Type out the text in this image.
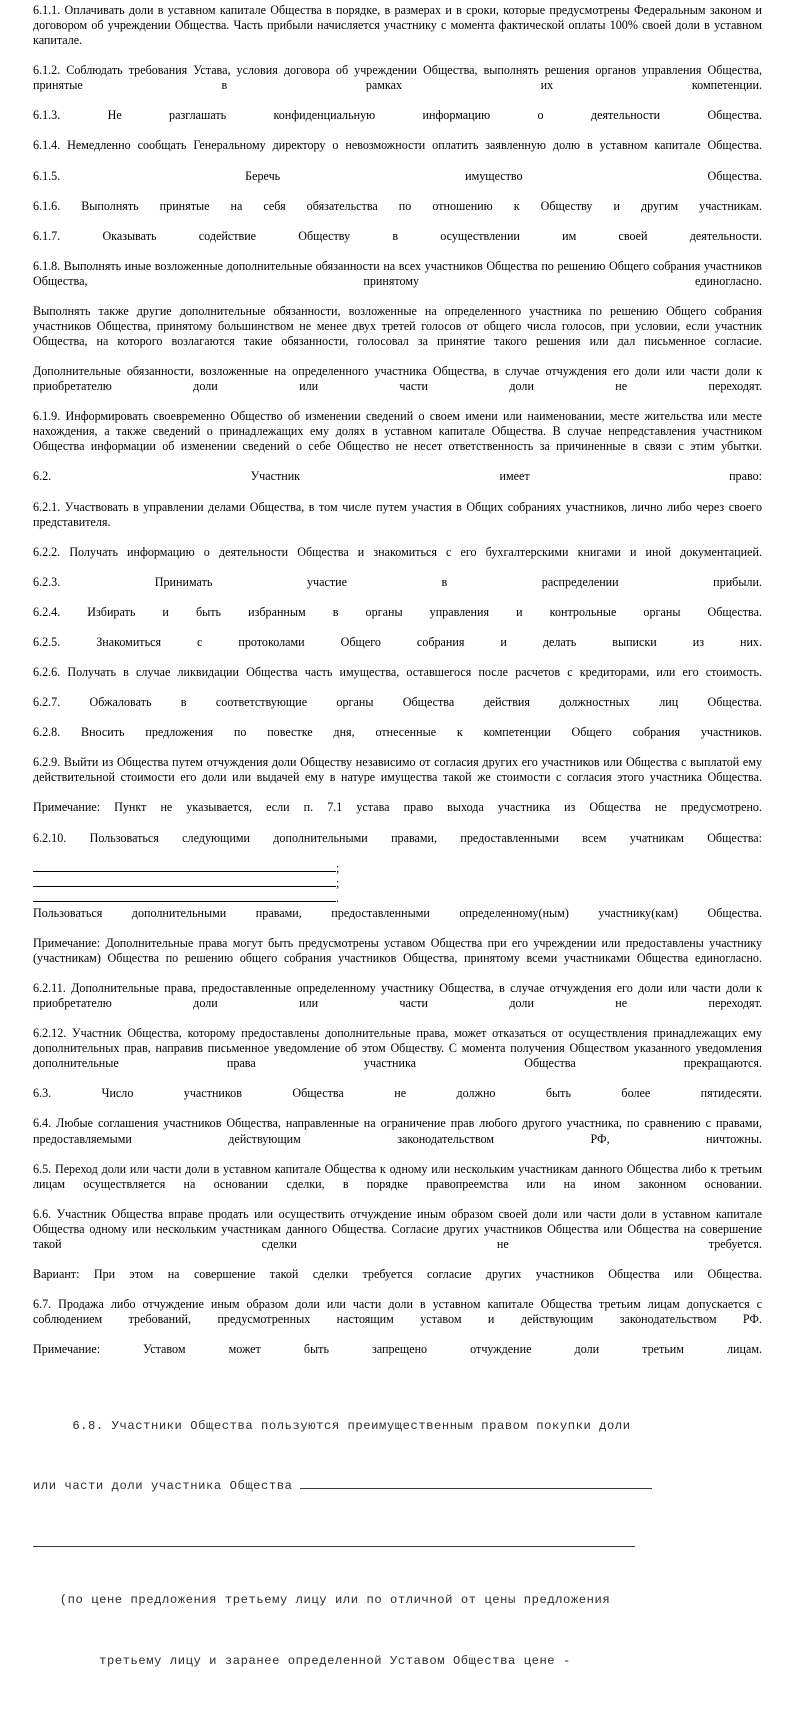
6.1.1. Оплачивать доли в уставном капитале Общества в порядке, в размерах и в сроки, которые предусмотрены Федеральным законом и договором об учреждении Общества. Часть прибыли начисляется участнику с момента фактической оплаты 100% своей доли в уставном капитале.

6.1.2. Соблюдать требования Устава, условия договора об учреждении Общества, выполнять решения органов управления Общества, принятые в рамках их компетенции.

6.1.3. Не разглашать конфиденциальную информацию о деятельности Общества.

6.1.4. Немедленно сообщать Генеральному директору о невозможности оплатить заявленную долю в уставном капитале Общества.

6.1.5. Беречь имущество Общества.

6.1.6. Выполнять принятые на себя обязательства по отношению к Обществу и другим участникам.

6.1.7. Оказывать содействие Обществу в осуществлении им своей деятельности.

6.1.8. Выполнять иные возложенные дополнительные обязанности на всех участников Общества по решению Общего собрания участников Общества, принятому единогласно.

Выполнять также другие дополнительные обязанности, возложенные на определенного участника по решению Общего собрания участников Общества, принятому большинством не менее двух третей голосов от общего числа голосов, при условии, если участник Общества, на которого возлагаются такие обязанности, голосовал за принятие такого решения или дал письменное согласие.

Дополнительные обязанности, возложенные на определенного участника Общества, в случае отчуждения его доли или части доли к приобретателю доли или части доли не переходят.

6.1.9. Информировать своевременно Общество об изменении сведений о своем имени или наименовании, месте жительства или месте нахождения, а также сведений о принадлежащих ему долях в уставном капитале Общества. В случае непредставления участником Общества информации об изменении сведений о себе Общество не несет ответственность за причиненные в связи с этим убытки.

6.2. Участник имеет право:

6.2.1. Участвовать в управлении делами Общества, в том числе путем участия в Общих собраниях участников, лично либо через своего представителя.

6.2.2. Получать информацию о деятельности Общества и знакомиться с его бухгалтерскими книгами и иной документацией.

6.2.3. Принимать участие в распределении прибыли.

6.2.4. Избирать и быть избранным в органы управления и контрольные органы Общества.

6.2.5. Знакомиться с протоколами Общего собрания и делать выписки из них.

6.2.6. Получать в случае ликвидации Общества часть имущества, оставшегося после расчетов с кредиторами, или его стоимость.

6.2.7. Обжаловать в соответствующие органы Общества действия должностных лиц Общества.

6.2.8. Вносить предложения по повестке дня, отнесенные к компетенции Общего собрания участников.

6.2.9. Выйти из Общества путем отчуждения доли Обществу независимо от согласия других его участников или Общества с выплатой ему действительной стоимости его доли или выдачей ему в натуре имущества такой же стоимости с согласия этого участника Общества.

Примечание: Пункт не указывается, если п. 7.1 устава право выхода участника из Общества не предусмотрено.

6.2.10. Пользоваться следующими дополнительными правами, предоставленными всем учатникам Общества:

;
;
.

Пользоваться дополнительными правами, предоставленными определенному(ным) участнику(кам) Общества.

Примечание: Дополнительные права могут быть предусмотрены уставом Общества при его учреждении или предоставлены участнику (участникам) Общества по решению общего собрания участников Общества, принятому всеми участниками Общества единогласно.

6.2.11. Дополнительные права, предоставленные определенному участнику Общества, в случае отчуждения его доли или части доли к приобретателю доли или части доли не переходят.

6.2.12. Участник Общества, которому предоставлены дополнительные права, может отказаться от осуществления принадлежащих ему дополнительных прав, направив письменное уведомление об этом Обществу. С момента получения Обществом указанного уведомления дополнительные права участника Общества прекращаются.

6.3. Число участников Общества не должно быть более пятидесяти.

6.4. Любые соглашения участников Общества, направленные на ограничение прав любого другого участника, по сравнению с правами, предоставляемыми действующим законодательством РФ, ничтожны.

6.5. Переход доли или части доли в уставном капитале Общества к одному или нескольким участникам данного Общества либо к третьим лицам осуществляется на основании сделки, в порядке правопреемства или на ином законном основании.

6.6. Участник Общества вправе продать или осуществить отчуждение иным образом своей доли или части доли в уставном капитале Общества одному или нескольким участникам данного Общества. Согласие других участников Общества или Общества на совершение такой сделки не требуется.

Вариант: При этом на совершение такой сделки требуется согласие других участников Общества или Общества.

6.7. Продажа либо отчуждение иным образом доли или части доли в уставном капитале Общества третьим лицам допускается с соблюдением требований, предусмотренных настоящим уставом и действующим законодательством РФ.

Примечание: Уставом может быть запрещено отчуждение доли третьим лицам.

6.8. Участники Общества пользуются преимущественным правом покупки доли

или части доли участника Общества

(по цене предложения третьему лицу или по отличной от цены предложения

третьему лицу и заранее определенной Уставом Общества цене -
